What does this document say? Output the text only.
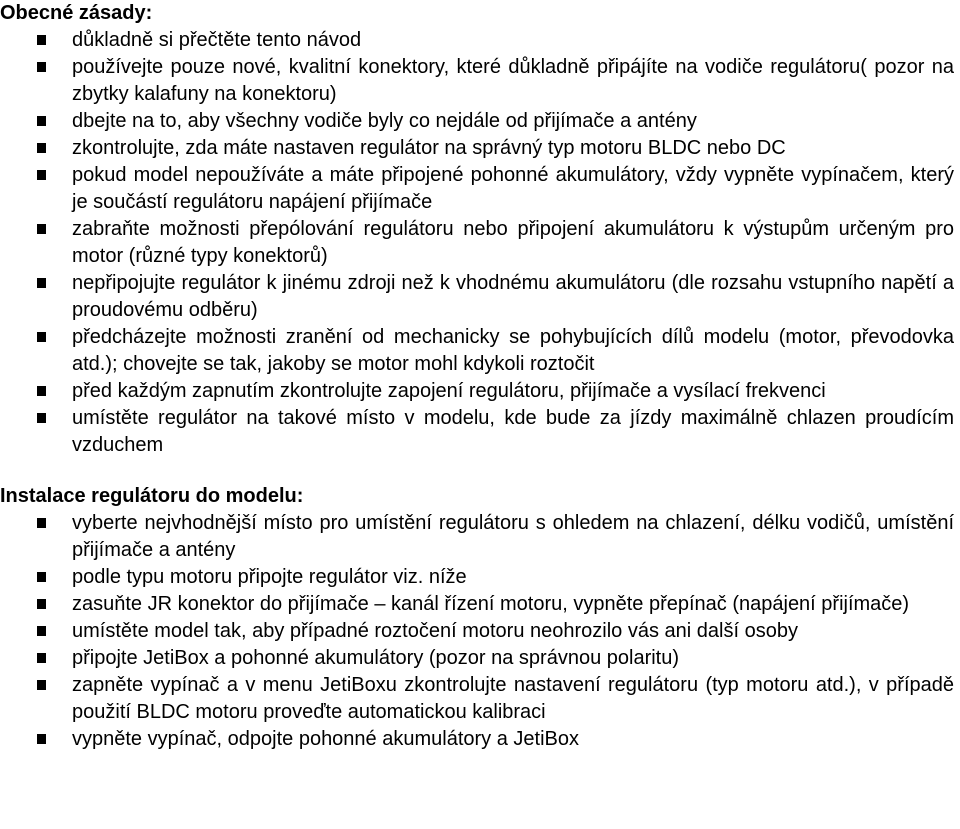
Obecné zásady:
důkladně si přečtěte tento návod
používejte pouze nové, kvalitní konektory, které důkladně připájíte na vodiče regulátoru( pozor na zbytky kalafuny na konektoru)
dbejte na to, aby všechny vodiče byly co nejdále od přijímače a antény
zkontrolujte, zda máte nastaven regulátor na správný typ motoru BLDC nebo DC
pokud model nepoužíváte a máte připojené pohonné akumulátory, vždy vypněte vypínačem, který je součástí regulátoru napájení přijímače
zabraňte možnosti přepólování regulátoru nebo připojení akumulátoru k výstupům určeným pro motor (různé typy konektorů)
nepřipojujte regulátor k jinému zdroji než k vhodnému akumulátoru (dle rozsahu vstupního napětí a proudovému odběru)
předcházejte možnosti zranění od mechanicky se pohybujících dílů modelu (motor, převodovka atd.); chovejte se tak, jakoby se motor mohl kdykoli roztočit
před každým zapnutím zkontrolujte zapojení regulátoru, přijímače a vysílací frekvenci
umístěte regulátor na takové místo v modelu, kde bude za jízdy maximálně chlazen proudícím vzduchem
Instalace regulátoru do modelu:
vyberte nejvhodnější místo pro umístění regulátoru s ohledem na chlazení, délku vodičů, umístění přijímače a antény
podle typu motoru připojte regulátor viz. níže
zasuňte JR konektor do přijímače – kanál řízení motoru, vypněte přepínač (napájení přijímače)
umístěte model tak, aby případné roztočení motoru neohrozilo vás ani další osoby
připojte JetiBox a pohonné akumulátory (pozor na správnou polaritu)
zapněte vypínač a v menu JetiBoxu zkontrolujte nastavení regulátoru (typ motoru atd.), v případě použití BLDC motoru proveďte automatickou kalibraci
vypněte vypínač, odpojte pohonné akumulátory a JetiBox
